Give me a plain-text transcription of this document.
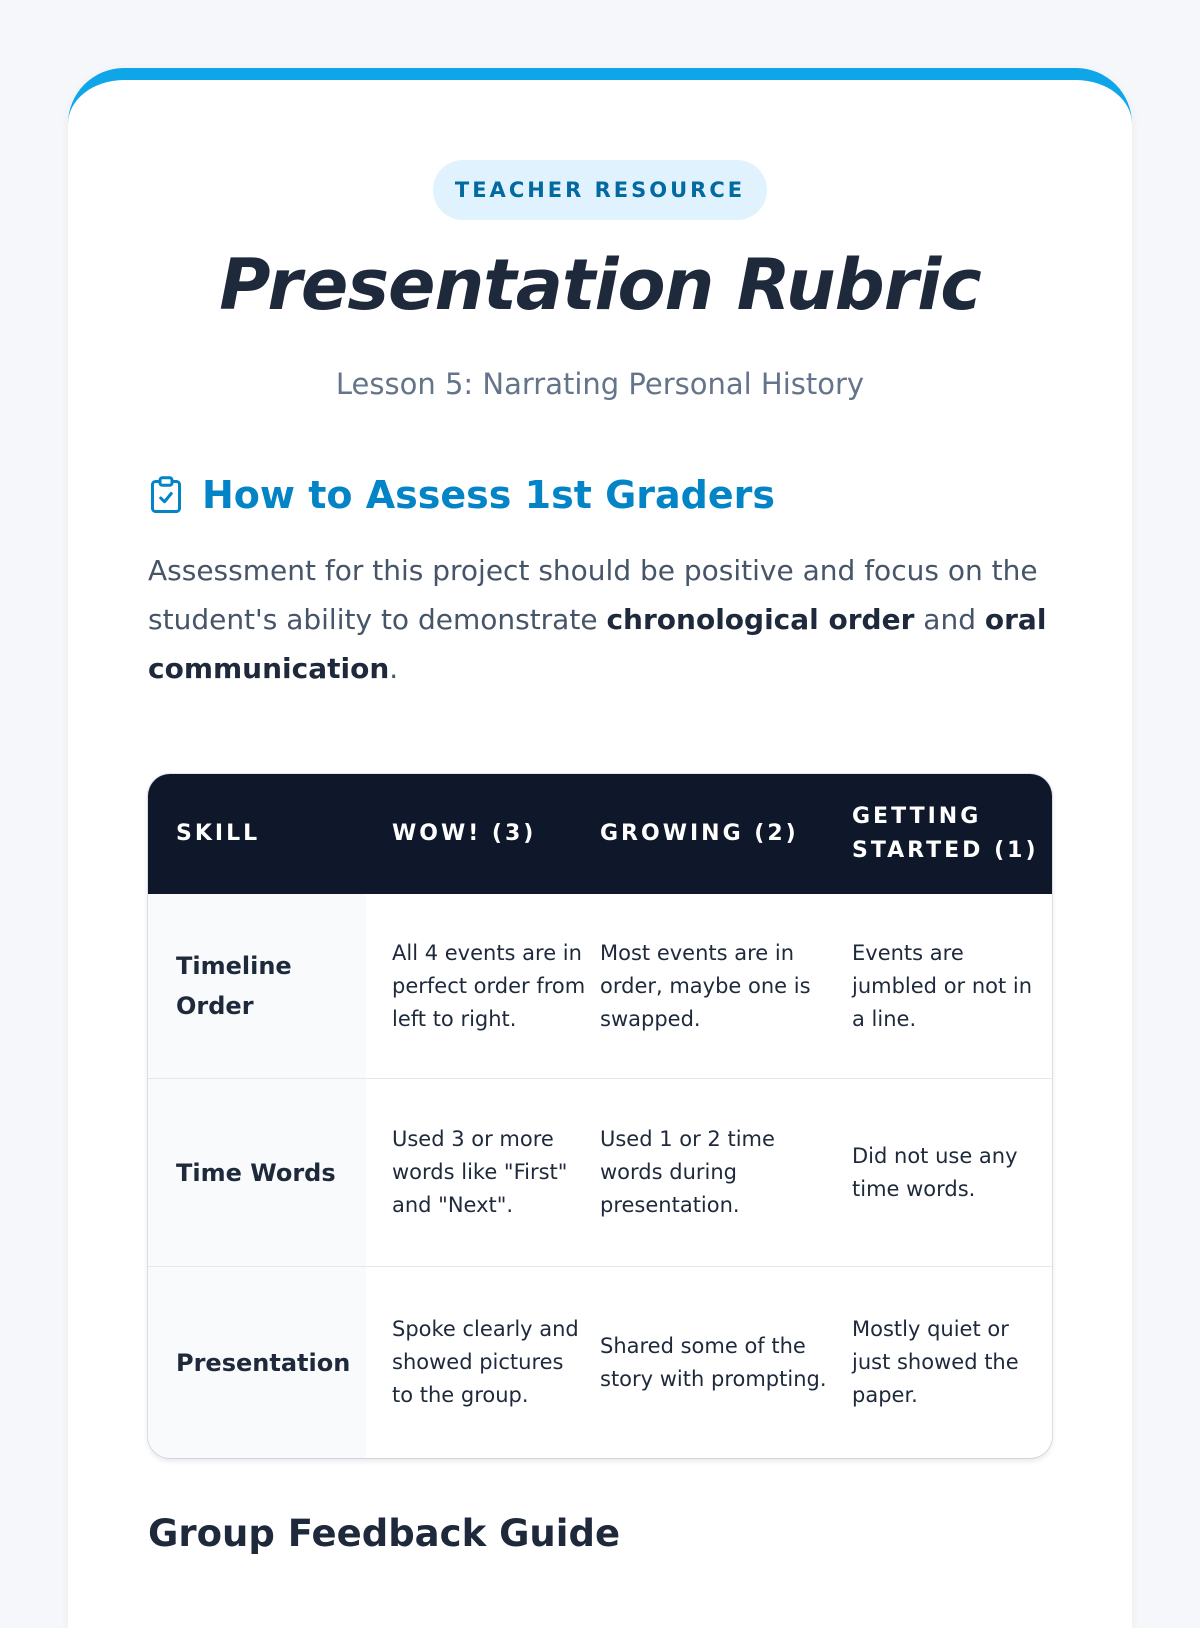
TEACHER RESOURCE
Presentation Rubric
Lesson 5: Narrating Personal History
How to Assess 1st Graders

Assessment for this project should be positive and focus on the student's ability to demonstrate chronological order and oral communication.

SKILL	WOW! (3)	GROWING (2)
GETTING STARTED (1)
Timeline Order
All 4 events are in perfect order from left to right.
Most events are in order, maybe one is swapped.
Events are jumbled or not in a line.
Time Words
Used 3 or more words like "First" and "Next".
Used 1 or 2 time words during presentation.
Did not use any time words.
Presentation
Spoke clearly and showed pictures to the group.
Shared some of the story with prompting.
Mostly quiet or just showed the paper.
Group Feedback Guide
